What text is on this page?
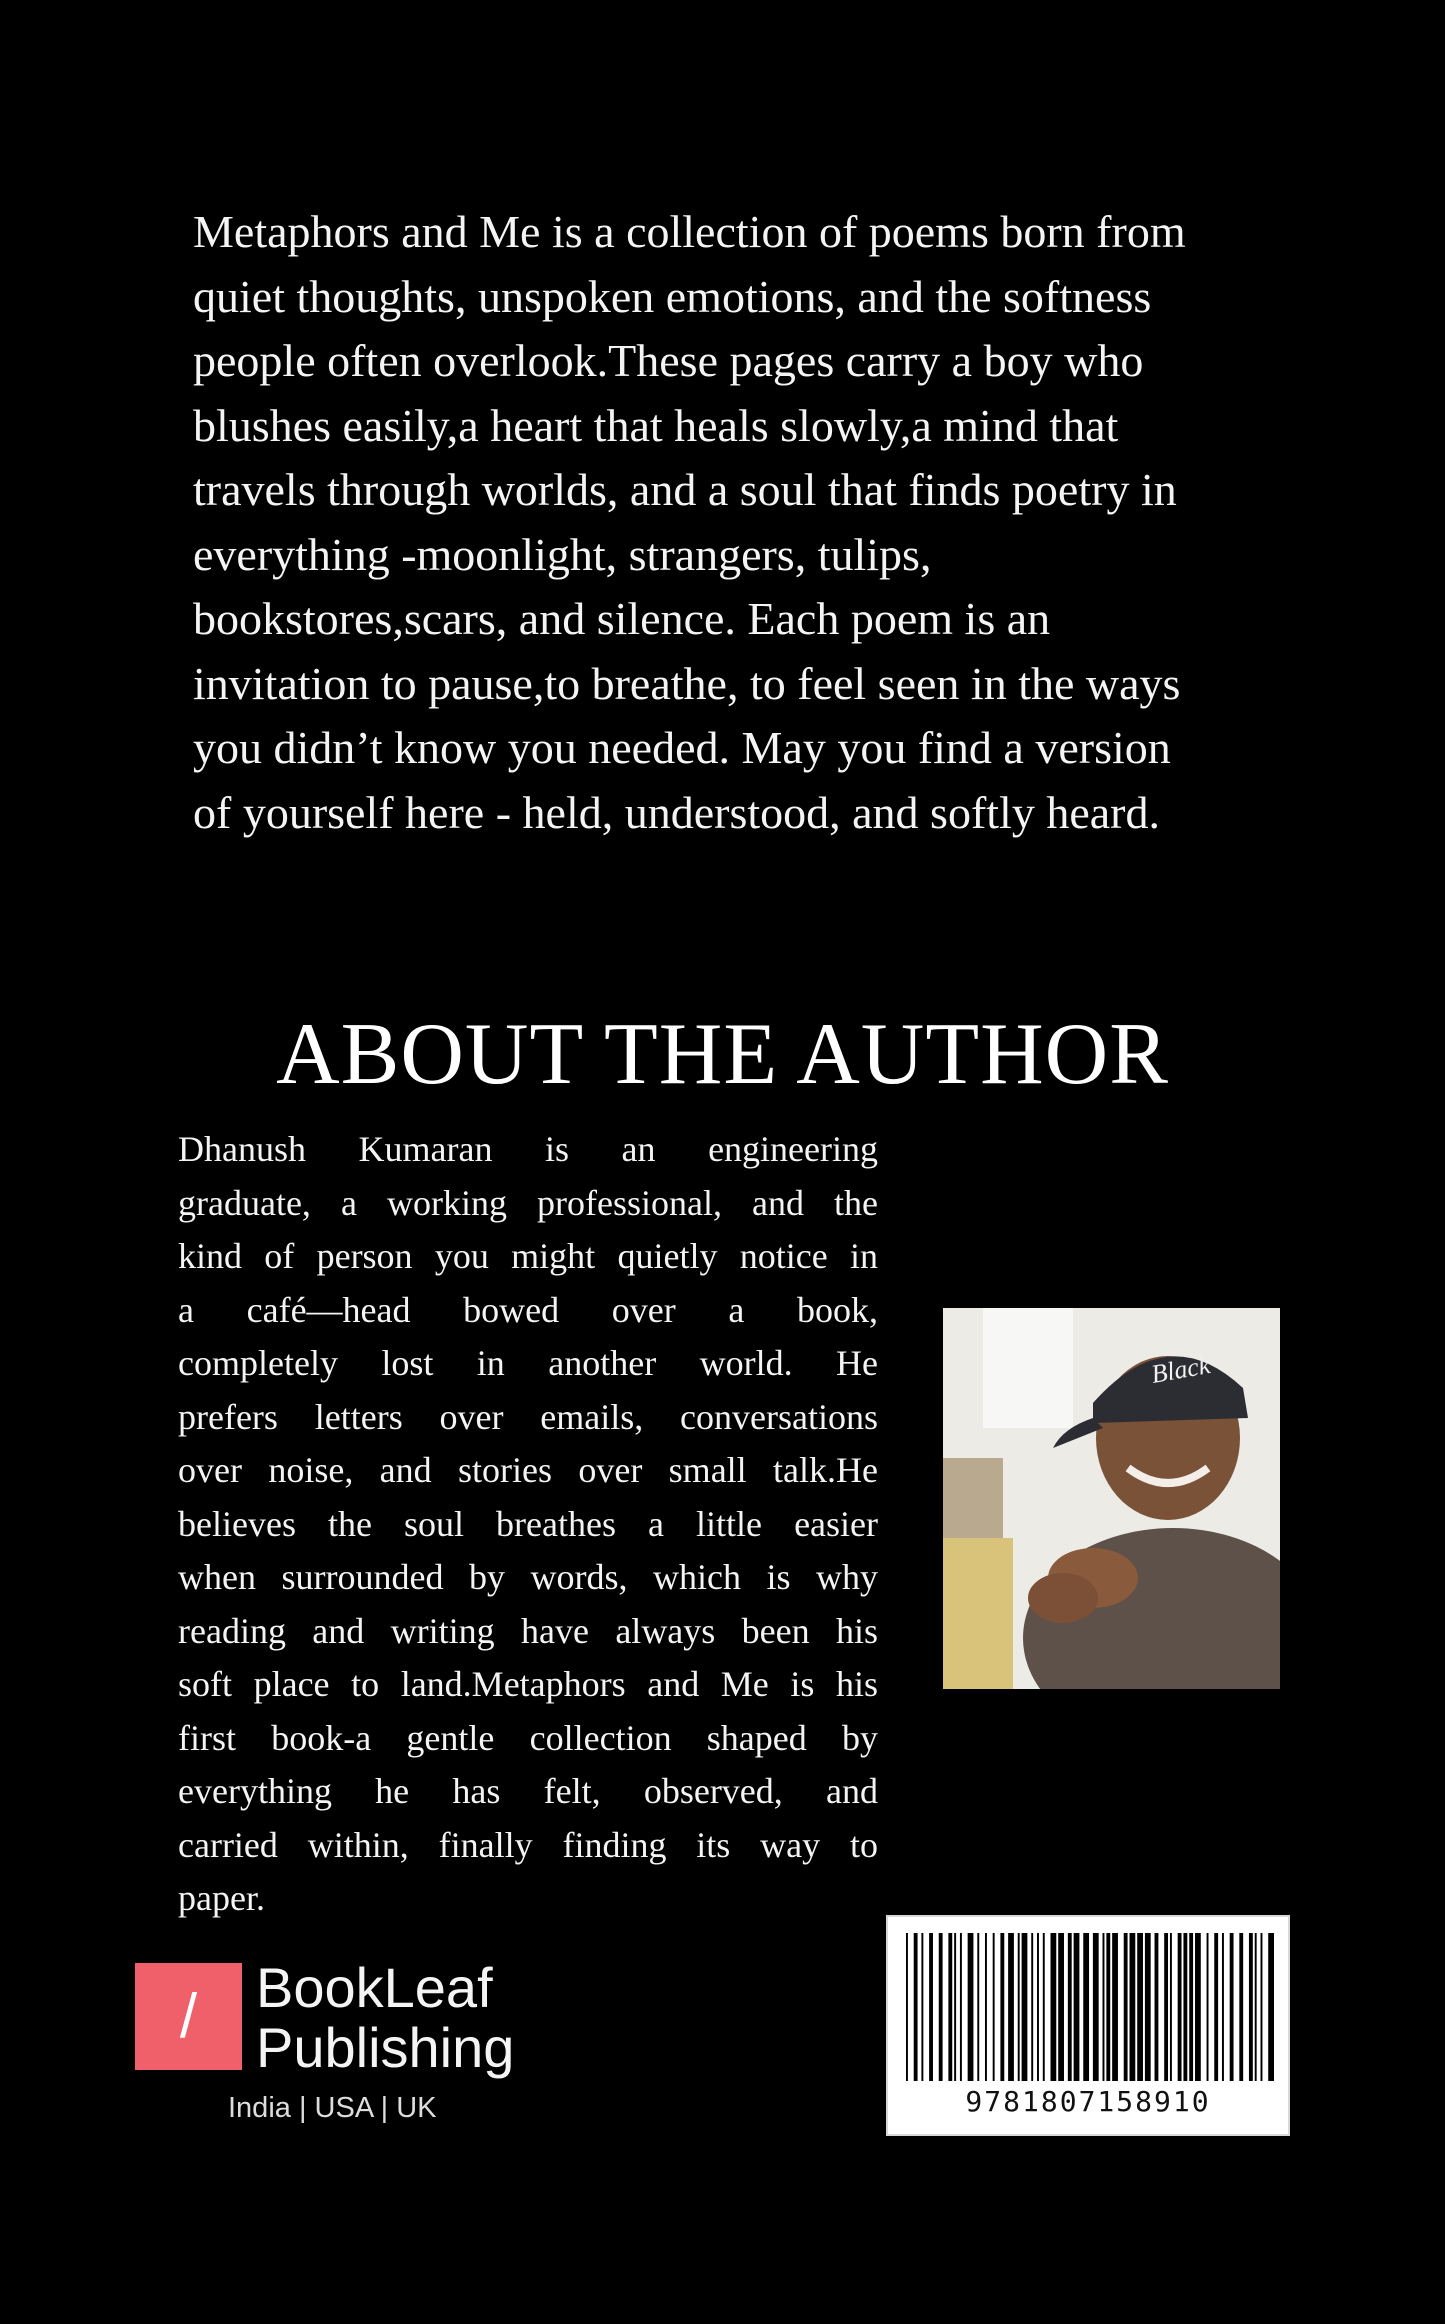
Metaphors and Me is a collection of poems born from
quiet thoughts, unspoken emotions, and the softness
people often overlook.These pages carry a boy who
blushes easily,a heart that heals slowly,a mind that
travels through worlds, and a soul that finds poetry in
everything -moonlight, strangers, tulips,
bookstores,scars, and silence. Each poem is an
invitation to pause,to breathe, to feel seen in the ways
you didn’t know you needed. May you find a version
of yourself here - held, understood, and softly heard.
ABOUT THE AUTHOR
Dhanush Kumaran is an engineering
graduate, a working professional, and the
kind of person you might quietly notice in
a café—head bowed over a book,
completely lost in another world. He
prefers letters over emails, conversations
over noise, and stories over small talk.He
believes the soul breathes a little easier
when surrounded by words, which is why
reading and writing have always been his
soft place to land.Metaphors and Me is his
first book-a gentle collection shaped by
everything he has felt, observed, and
carried within, finally finding its way to
paper.
Black
/	BookLeaf
Publishing
India | USA | UK	9781807158910
